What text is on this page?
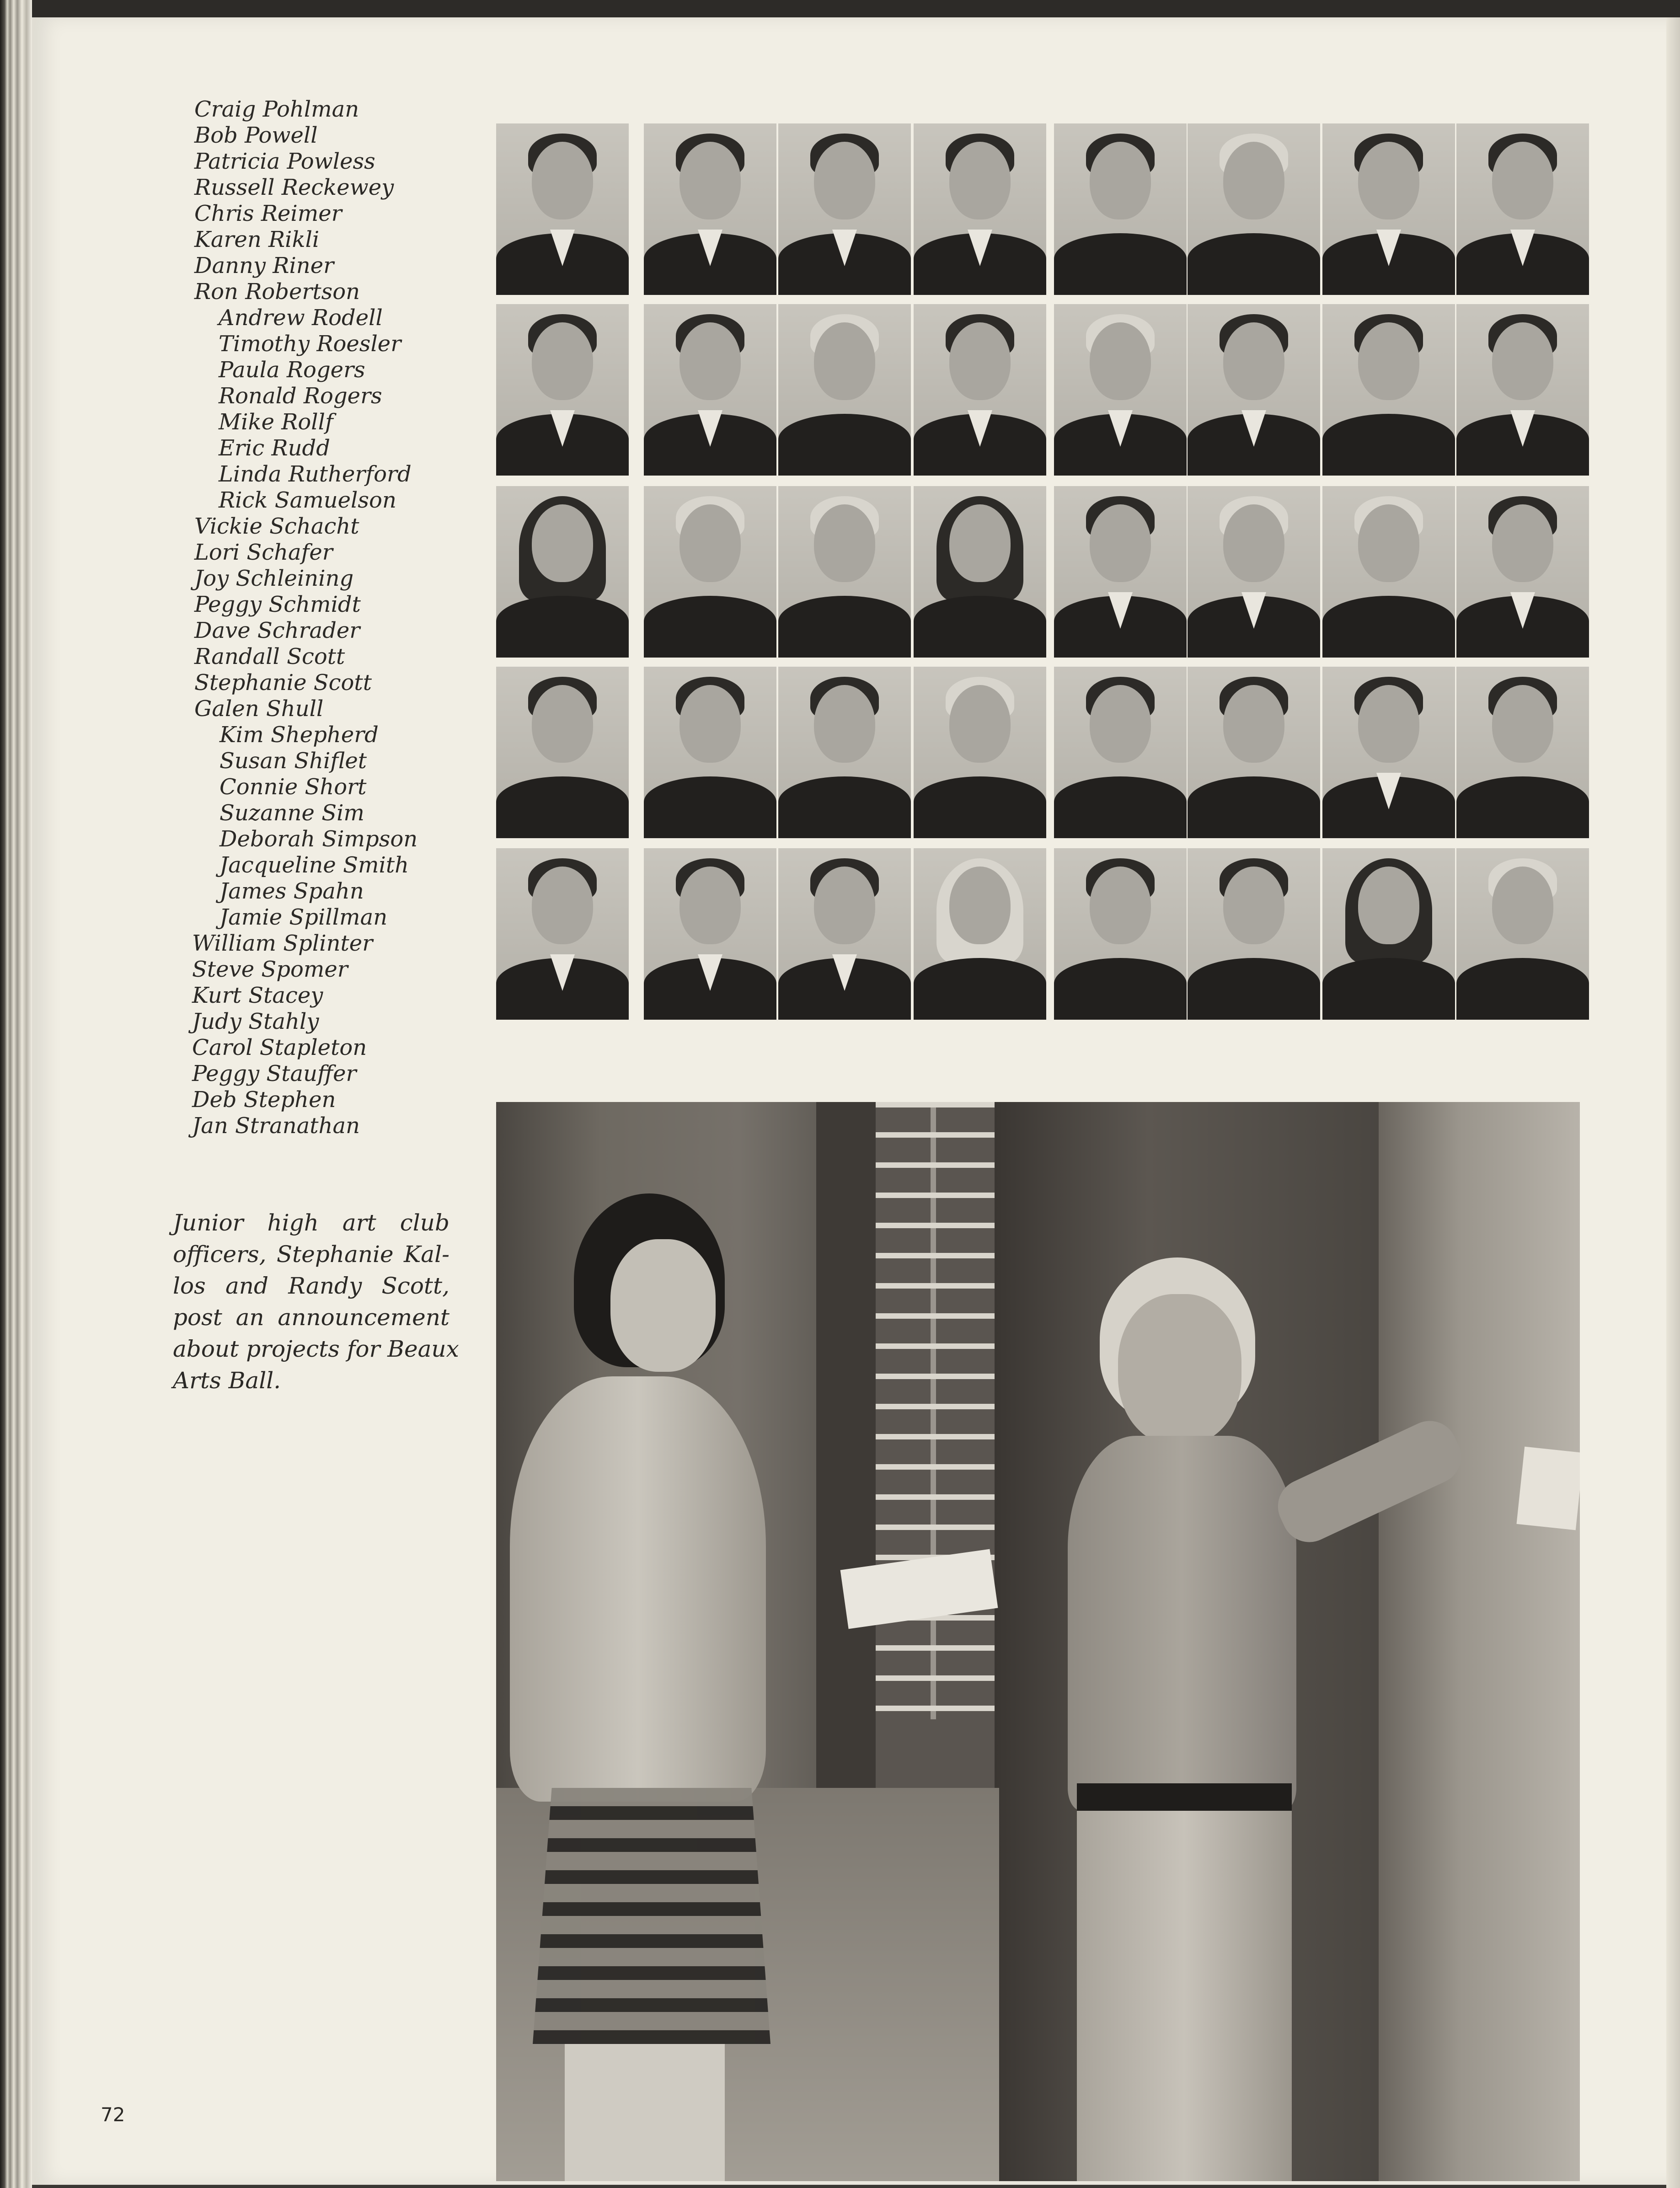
Craig Pohlman
Bob Powell
Patricia Powless
Russell Reckewey
Chris Reimer
Karen Rikli
Danny Riner
Ron Robertson
Andrew Rodell
Timothy Roesler
Paula Rogers
Ronald Rogers
Mike Rollf
Eric Rudd
Linda Rutherford
Rick Samuelson
Vickie Schacht
Lori Schafer
Joy Schleining
Peggy Schmidt
Dave Schrader
Randall Scott
Stephanie Scott
Galen Shull
Kim Shepherd
Susan Shiflet
Connie Short
Suzanne Sim
Deborah Simpson
Jacqueline Smith
James Spahn
Jamie Spillman
William Splinter
Steve Spomer
Kurt Stacey
Judy Stahly
Carol Stapleton
Peggy Stauffer
Deb Stephen
Jan Stranathan
Junior high art club
officers, Stephanie Kal-
los and Randy Scott,
post an announcement
about projects for Beaux
Arts Ball.
72
